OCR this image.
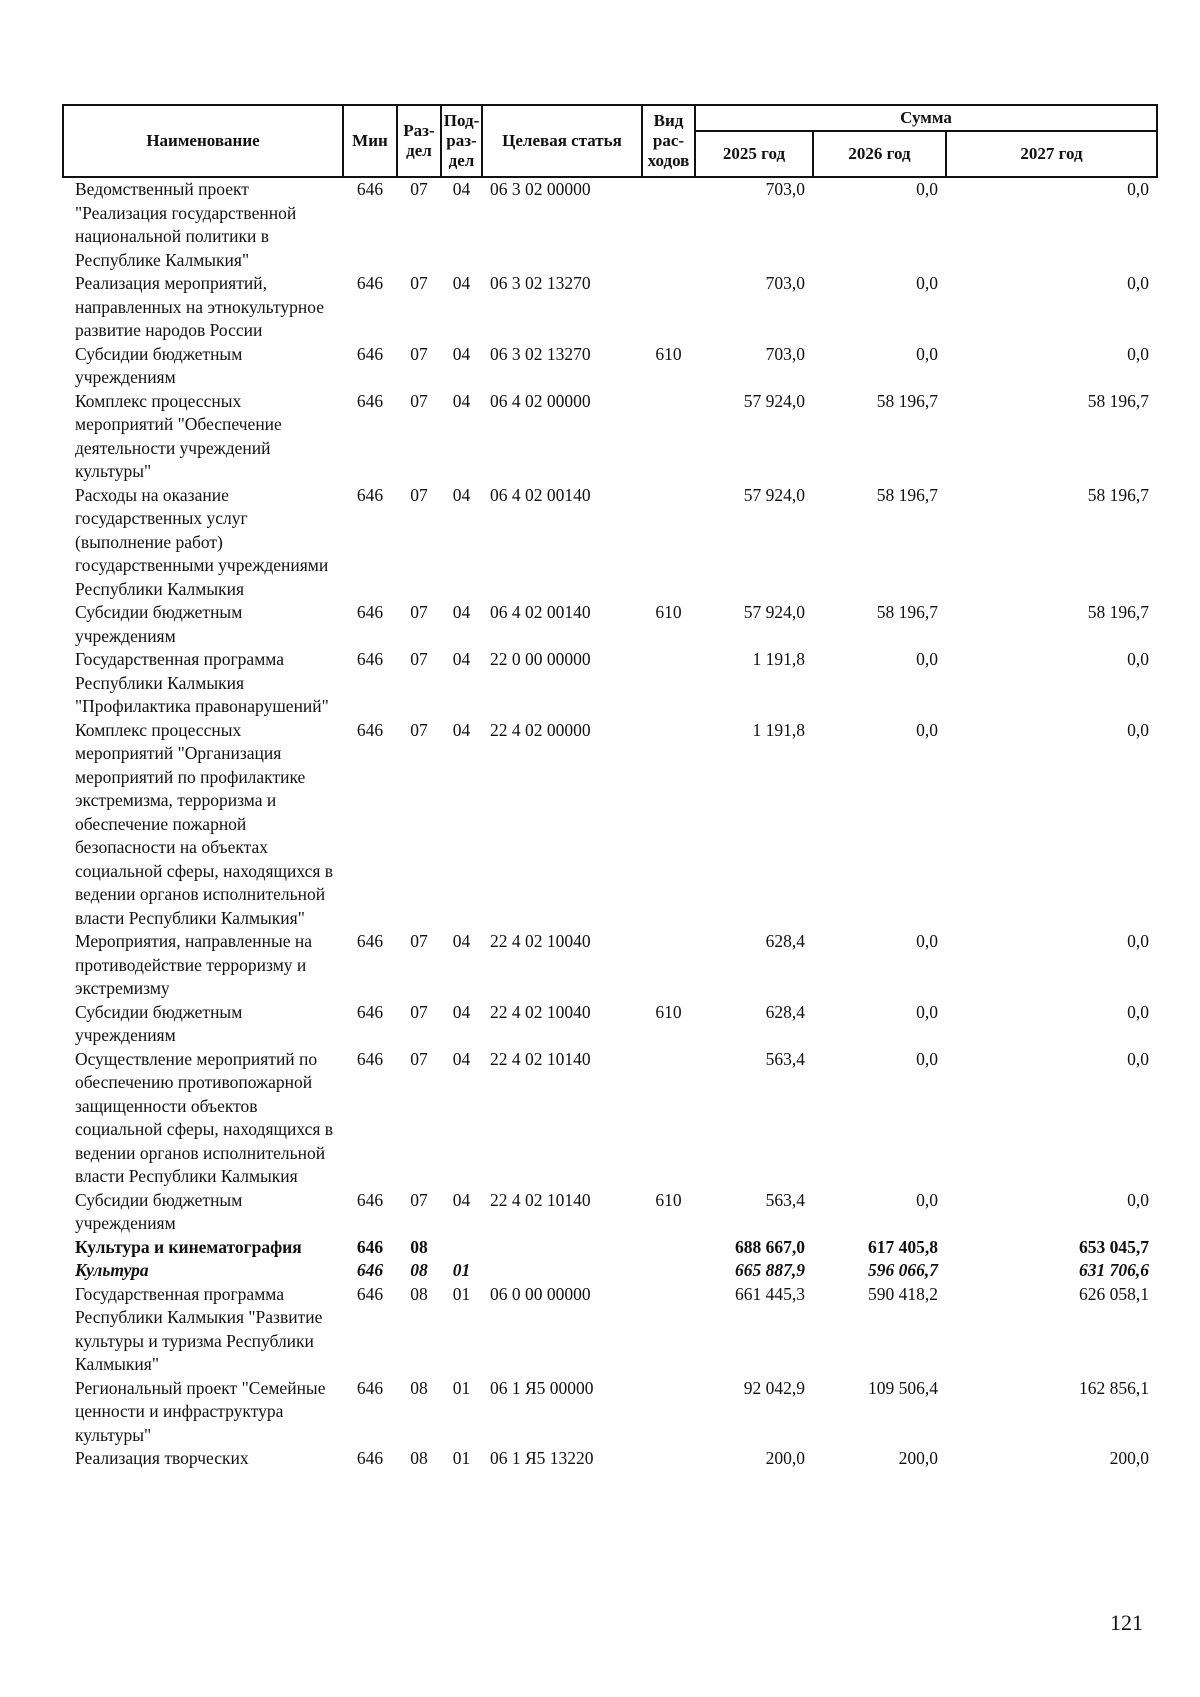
Наименование	Мин	Раз-дел	Под-раз-дел	Целевая статья	Вид рас-ходов	Сумма		
						2025 год	2026 год	2027 год
Ведомственный проект "Реализация государственной национальной политики в Республике Калмыкия"	646	07	04	06 3 02 00000		703,0	0,0	0,0
Реализация мероприятий, направленных на этнокультурное развитие народов России	646	07	04	06 3 02 13270		703,0	0,0	0,0
Субсидии бюджетным учреждениям	646	07	04	06 3 02 13270	610	703,0	0,0	0,0
Комплекс процессных мероприятий "Обеспечение деятельности учреждений культуры"	646	07	04	06 4 02 00000		57 924,0	58 196,7	58 196,7
Расходы на оказание государственных услуг (выполнение работ) государственными учреждениями Республики Калмыкия	646	07	04	06 4 02 00140		57 924,0	58 196,7	58 196,7
Субсидии бюджетным учреждениям	646	07	04	06 4 02 00140	610	57 924,0	58 196,7	58 196,7
Государственная программа Республики Калмыкия "Профилактика правонарушений"	646	07	04	22 0 00 00000		1 191,8	0,0	0,0
Комплекс процессных мероприятий "Организация мероприятий по профилактике экстремизма, терроризма и обеспечение пожарной безопасности на объектах социальной сферы, находящихся в ведении органов исполнительной власти Республики Калмыкия"	646	07	04	22 4 02 00000		1 191,8	0,0	0,0
Мероприятия, направленные на противодействие терроризму и экстремизму	646	07	04	22 4 02 10040		628,4	0,0	0,0
Субсидии бюджетным учреждениям	646	07	04	22 4 02 10040	610	628,4	0,0	0,0
Осуществление мероприятий по обеспечению противопожарной защищенности объектов социальной сферы, находящихся в ведении органов исполнительной власти Республики Калмыкия	646	07	04	22 4 02 10140		563,4	0,0	0,0
Субсидии бюджетным учреждениям	646	07	04	22 4 02 10140	610	563,4	0,0	0,0
Культура и кинематография	646	08				688 667,0	617 405,8	653 045,7
Культура	646	08	01			665 887,9	596 066,7	631 706,6
Государственная программа Республики Калмыкия "Развитие культуры и туризма Республики Калмыкия"	646	08	01	06 0 00 00000		661 445,3	590 418,2	626 058,1
Региональный проект "Семейные ценности и инфраструктура культуры"	646	08	01	06 1 Я5 00000		92 042,9	109 506,4	162 856,1
Реализация творческих	646	08	01	06 1 Я5 13220		200,0	200,0	200,0
121
